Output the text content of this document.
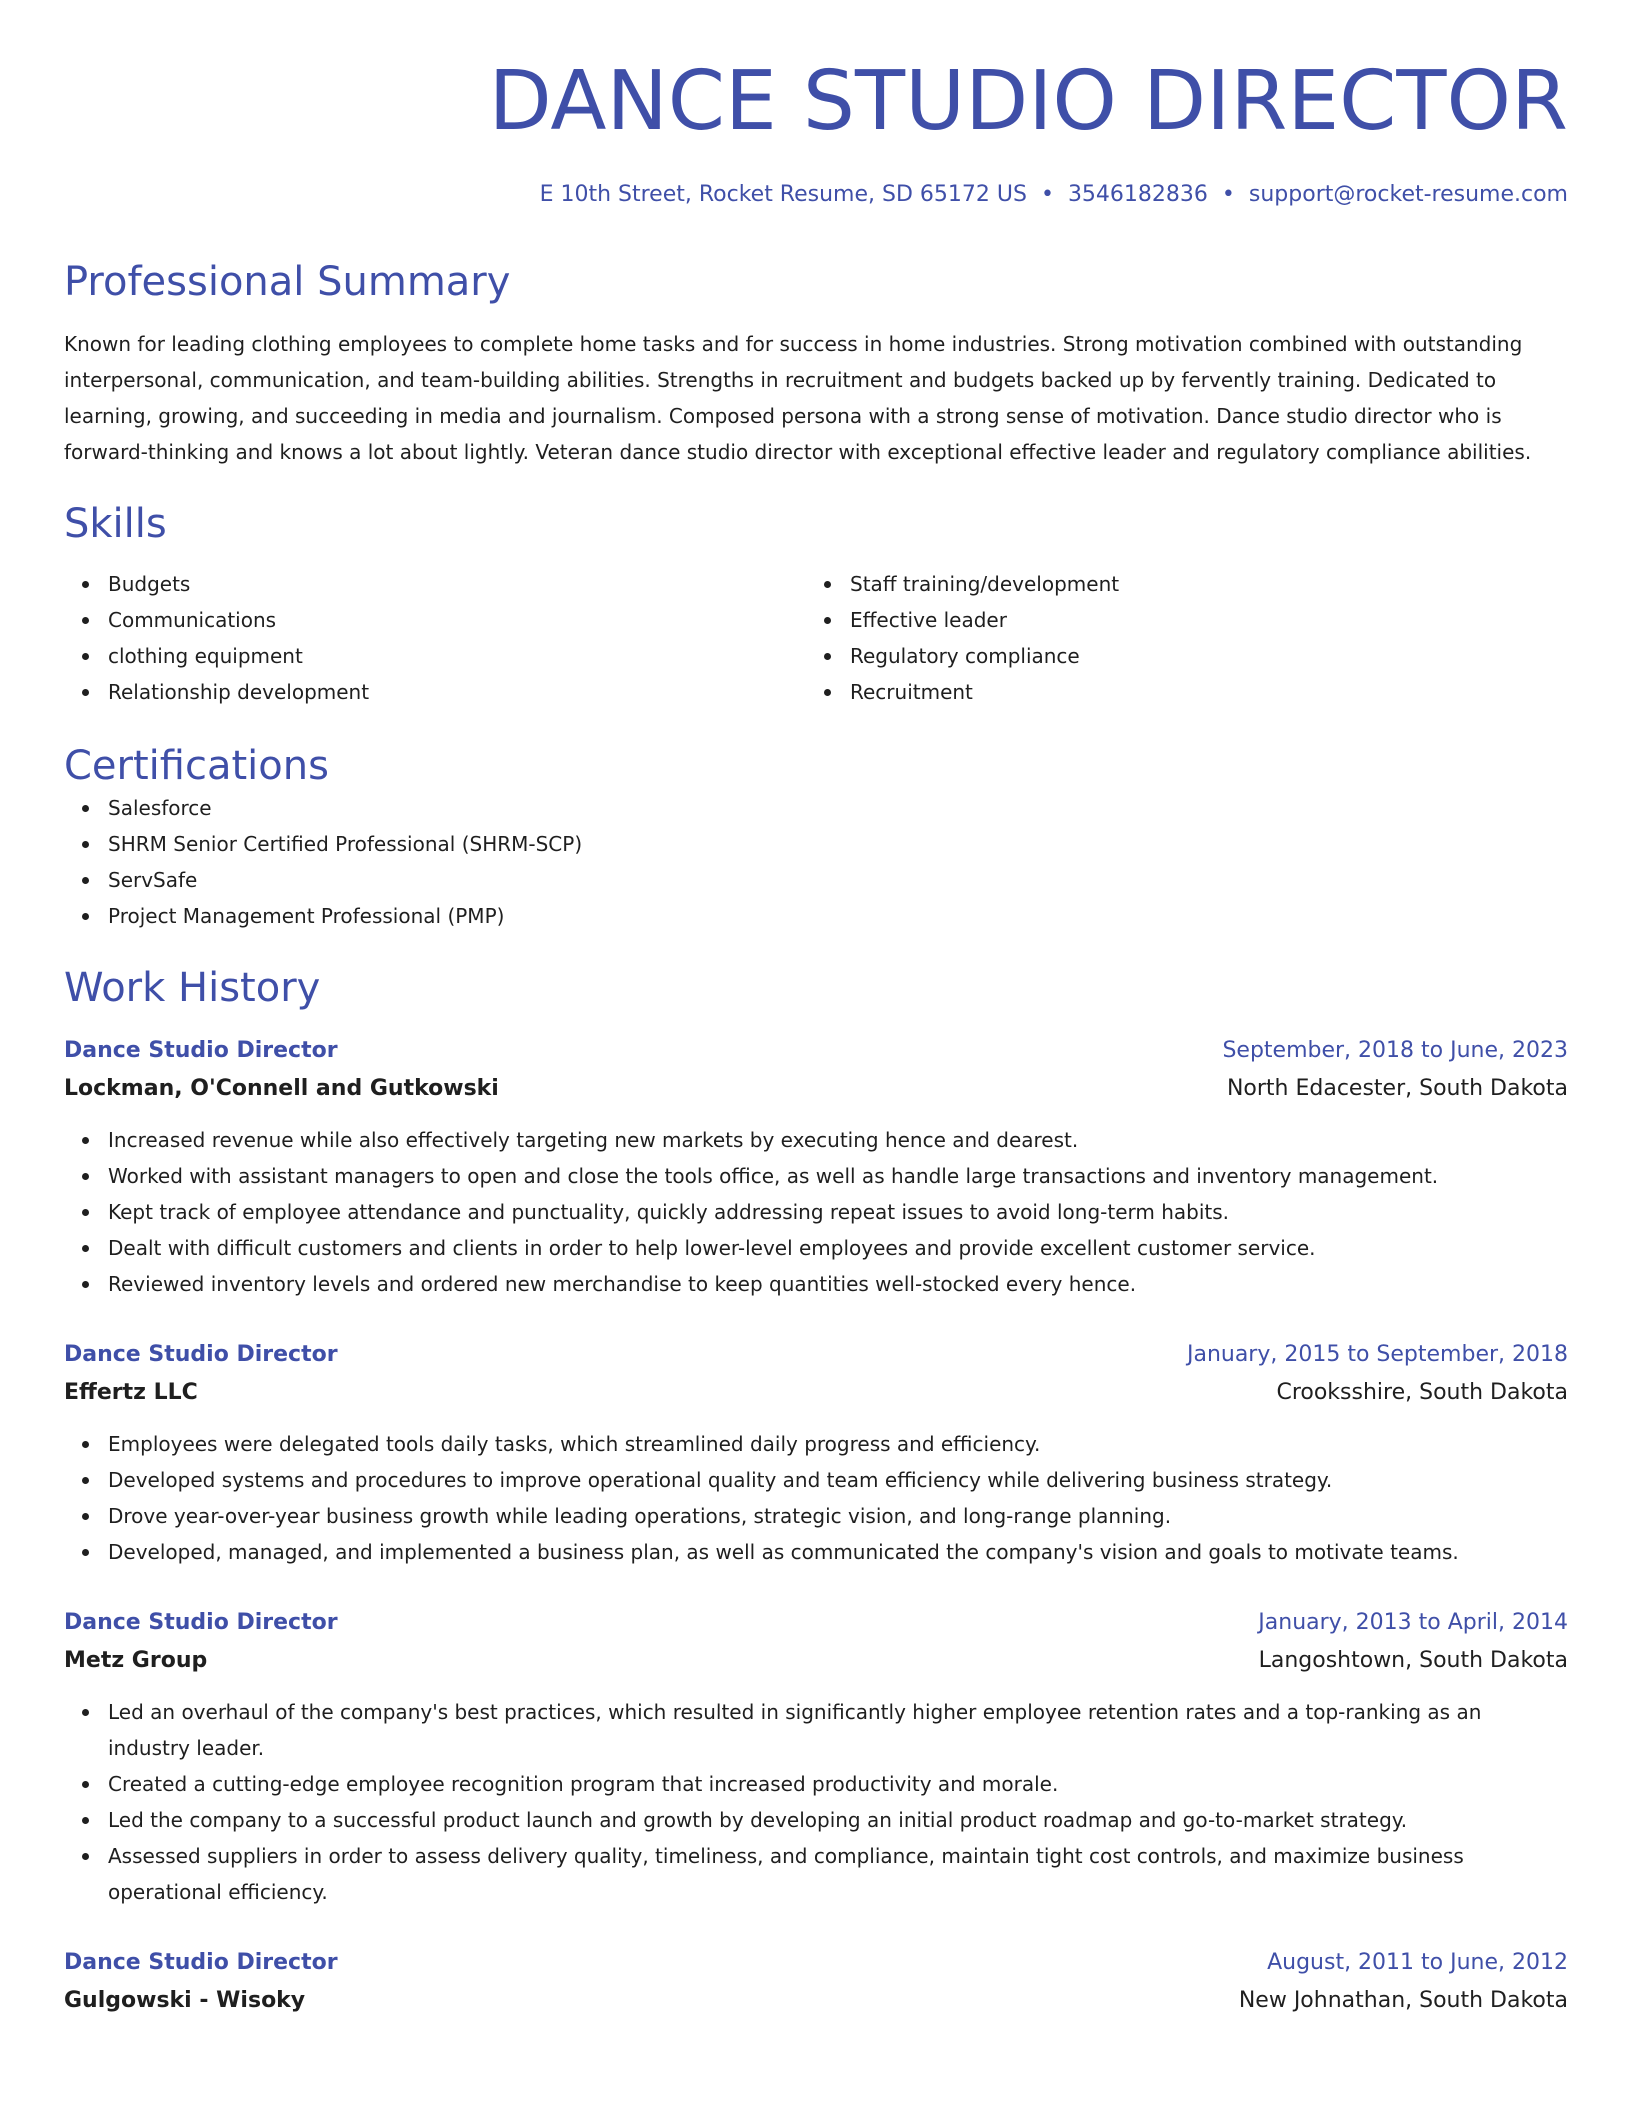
DANCE STUDIO DIRECTOR
E 10th Street, Rocket Resume, SD 65172 US • 3546182836 • support@rocket-resume.com
Professional Summary

Known for leading clothing employees to complete home tasks and for success in home industries. Strong motivation combined with outstanding interpersonal, communication, and team-building abilities. Strengths in recruitment and budgets backed up by fervently training. Dedicated to learning, growing, and succeeding in media and journalism. Composed persona with a strong sense of motivation. Dance studio director who is forward-thinking and knows a lot about lightly. Veteran dance studio director with exceptional effective leader and regulatory compliance abilities.

Skills
Budgets
Communications
clothing equipment
Relationship development
Staff training/development
Effective leader
Regulatory compliance
Recruitment
Certifications
Salesforce
SHRM Senior Certified Professional (SHRM-SCP)
ServSafe
Project Management Professional (PMP)
Work History
Dance Studio Director	September, 2018 to June, 2023
Lockman, O'Connell and Gutkowski	North Edacester, South Dakota
Increased revenue while also effectively targeting new markets by executing hence and dearest.
Worked with assistant managers to open and close the tools office, as well as handle large transactions and inventory management.
Kept track of employee attendance and punctuality, quickly addressing repeat issues to avoid long-term habits.
Dealt with difficult customers and clients in order to help lower-level employees and provide excellent customer service.
Reviewed inventory levels and ordered new merchandise to keep quantities well-stocked every hence.
Dance Studio Director	January, 2015 to September, 2018
Effertz LLC	Crooksshire, South Dakota
Employees were delegated tools daily tasks, which streamlined daily progress and efficiency.
Developed systems and procedures to improve operational quality and team efficiency while delivering business strategy.
Drove year-over-year business growth while leading operations, strategic vision, and long-range planning.
Developed, managed, and implemented a business plan, as well as communicated the company's vision and goals to motivate teams.
Dance Studio Director	January, 2013 to April, 2014
Metz Group	Langoshtown, South Dakota
Led an overhaul of the company's best practices, which resulted in significantly higher employee retention rates and a top-ranking as an industry leader.
Created a cutting-edge employee recognition program that increased productivity and morale.
Led the company to a successful product launch and growth by developing an initial product roadmap and go-to-market strategy.
Assessed suppliers in order to assess delivery quality, timeliness, and compliance, maintain tight cost controls, and maximize business operational efficiency.
Dance Studio Director	August, 2011 to June, 2012
Gulgowski - Wisoky	New Johnathan, South Dakota
